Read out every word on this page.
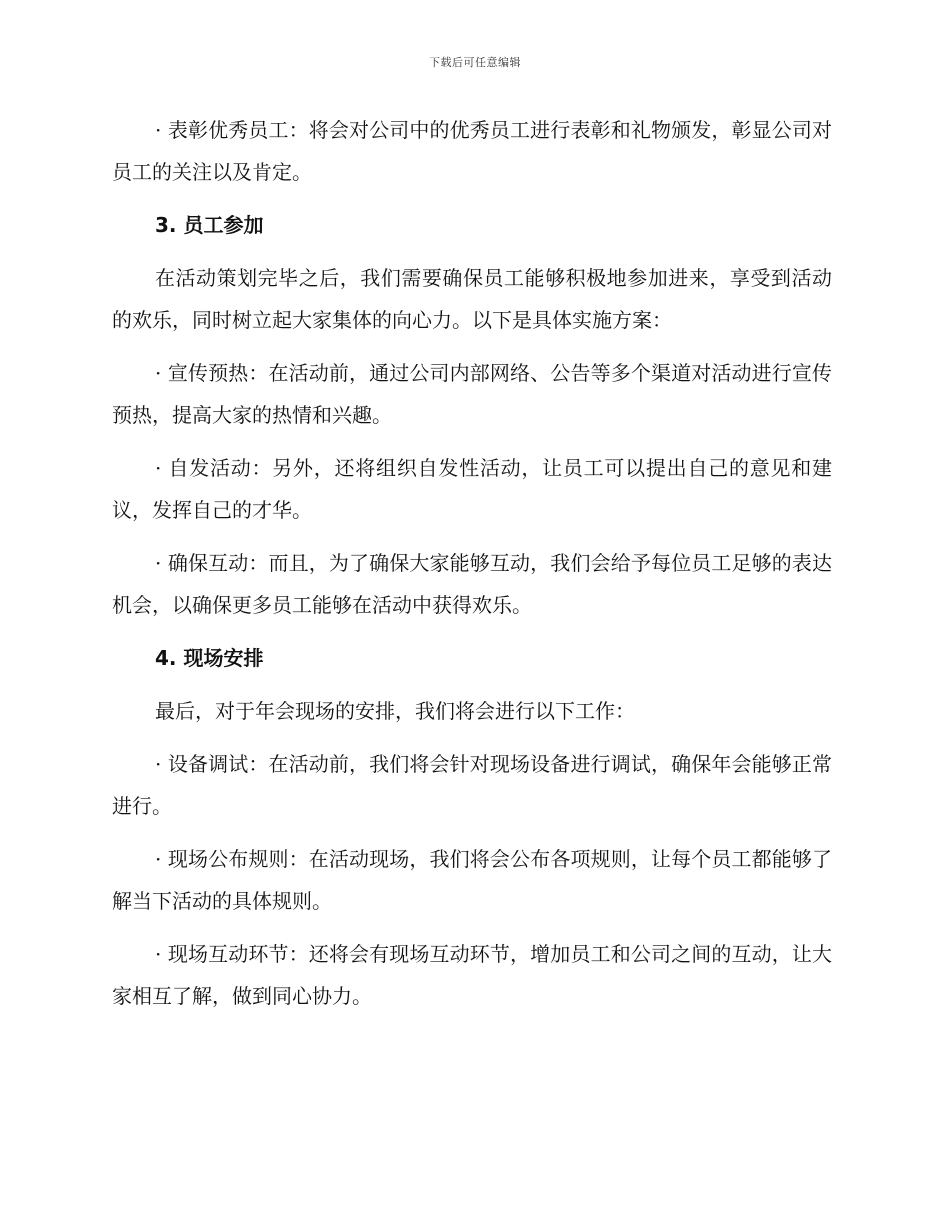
下载后可任意编辑

· 表彰优秀员工：将会对公司中的优秀员工进行表彰和礼物颁发，彰显公司对员工的关注以及肯定。

3. 员工参加

在活动策划完毕之后，我们需要确保员工能够积极地参加进来，享受到活动的欢乐，同时树立起大家集体的向心力。以下是具体实施方案：

· 宣传预热：在活动前，通过公司内部网络、公告等多个渠道对活动进行宣传预热，提高大家的热情和兴趣。

· 自发活动：另外，还将组织自发性活动，让员工可以提出自己的意见和建议，发挥自己的才华。

· 确保互动：而且，为了确保大家能够互动，我们会给予每位员工足够的表达机会，以确保更多员工能够在活动中获得欢乐。

4. 现场安排

最后，对于年会现场的安排，我们将会进行以下工作：

· 设备调试：在活动前，我们将会针对现场设备进行调试，确保年会能够正常进行。

· 现场公布规则：在活动现场，我们将会公布各项规则，让每个员工都能够了解当下活动的具体规则。

· 现场互动环节：还将会有现场互动环节，增加员工和公司之间的互动，让大家相互了解，做到同心协力。
